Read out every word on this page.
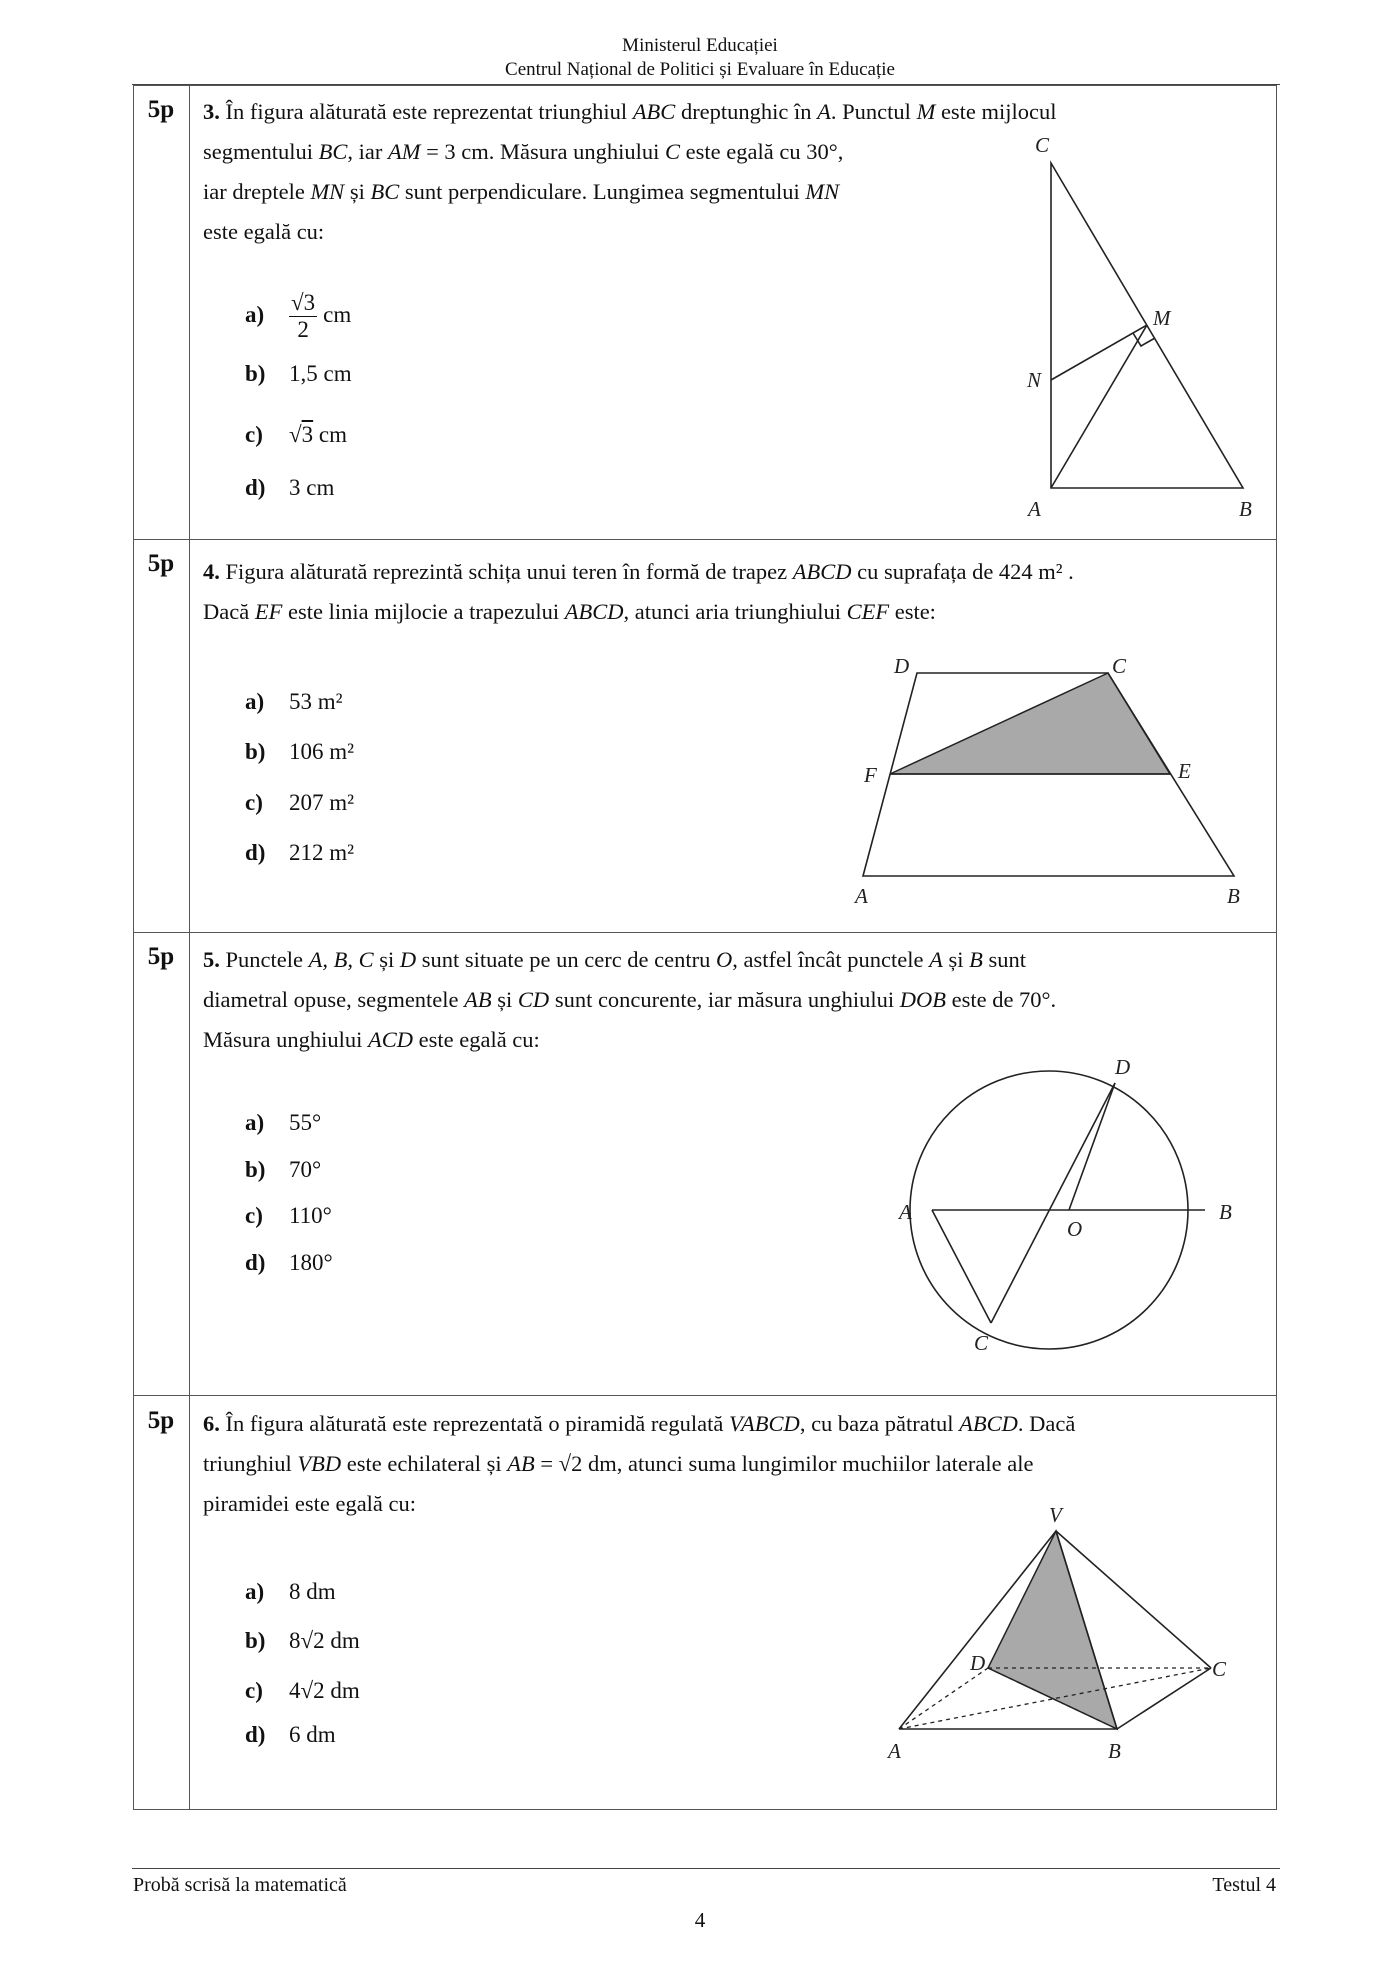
Ministerul Educației
Centrul Național de Politici și Evaluare în Educație
5p	3. În figura alăturată este reprezentat triunghiul ABC dreptunghic în A. Punctul M este mijlocul
segmentului BC, iar AM = 3 cm. Măsura unghiului C este egală cu 30°,
iar dreptele MN și BC sunt perpendiculare. Lungimea segmentului MN
este egală cu:
$a) \frac{√3}{2}$ cm
b) 1,5 cm
c) √3 cm
d) 3 cm
C
M
N
A	B
5p	4. Figura alăturată reprezintă schița unui teren în formă de trapez ABCD cu suprafața de 424 m² .
Dacă EF este linia mijlocie a trapezului ABCD, atunci aria triunghiului CEF este:
a) 53 m²
b) 106 m²
c) 207 m²
d) 212 m²
D	C
F	E
A	B
5p	5. Punctele A, B, C și D sunt situate pe un cerc de centru O, astfel încât punctele A și B sunt
diametral opuse, segmentele AB și CD sunt concurente, iar măsura unghiului DOB este de 70°.
Măsura unghiului ACD este egală cu:
a) 55°
b) 70°
c) 110°
d) 180°
D
A	B
O
C
5p	6. În figura alăturată este reprezentată o piramidă regulată VABCD, cu baza pătratul ABCD. Dacă
triunghiul VBD este echilateral și AB = √2 dm, atunci suma lungimilor muchiilor laterale ale
piramidei este egală cu:
a) 8 dm
b) 8√2 dm
c) 4√2 dm
d) 6 dm
V
D	C
A	B
Probă scrisă la matematică	Testul 4
4
